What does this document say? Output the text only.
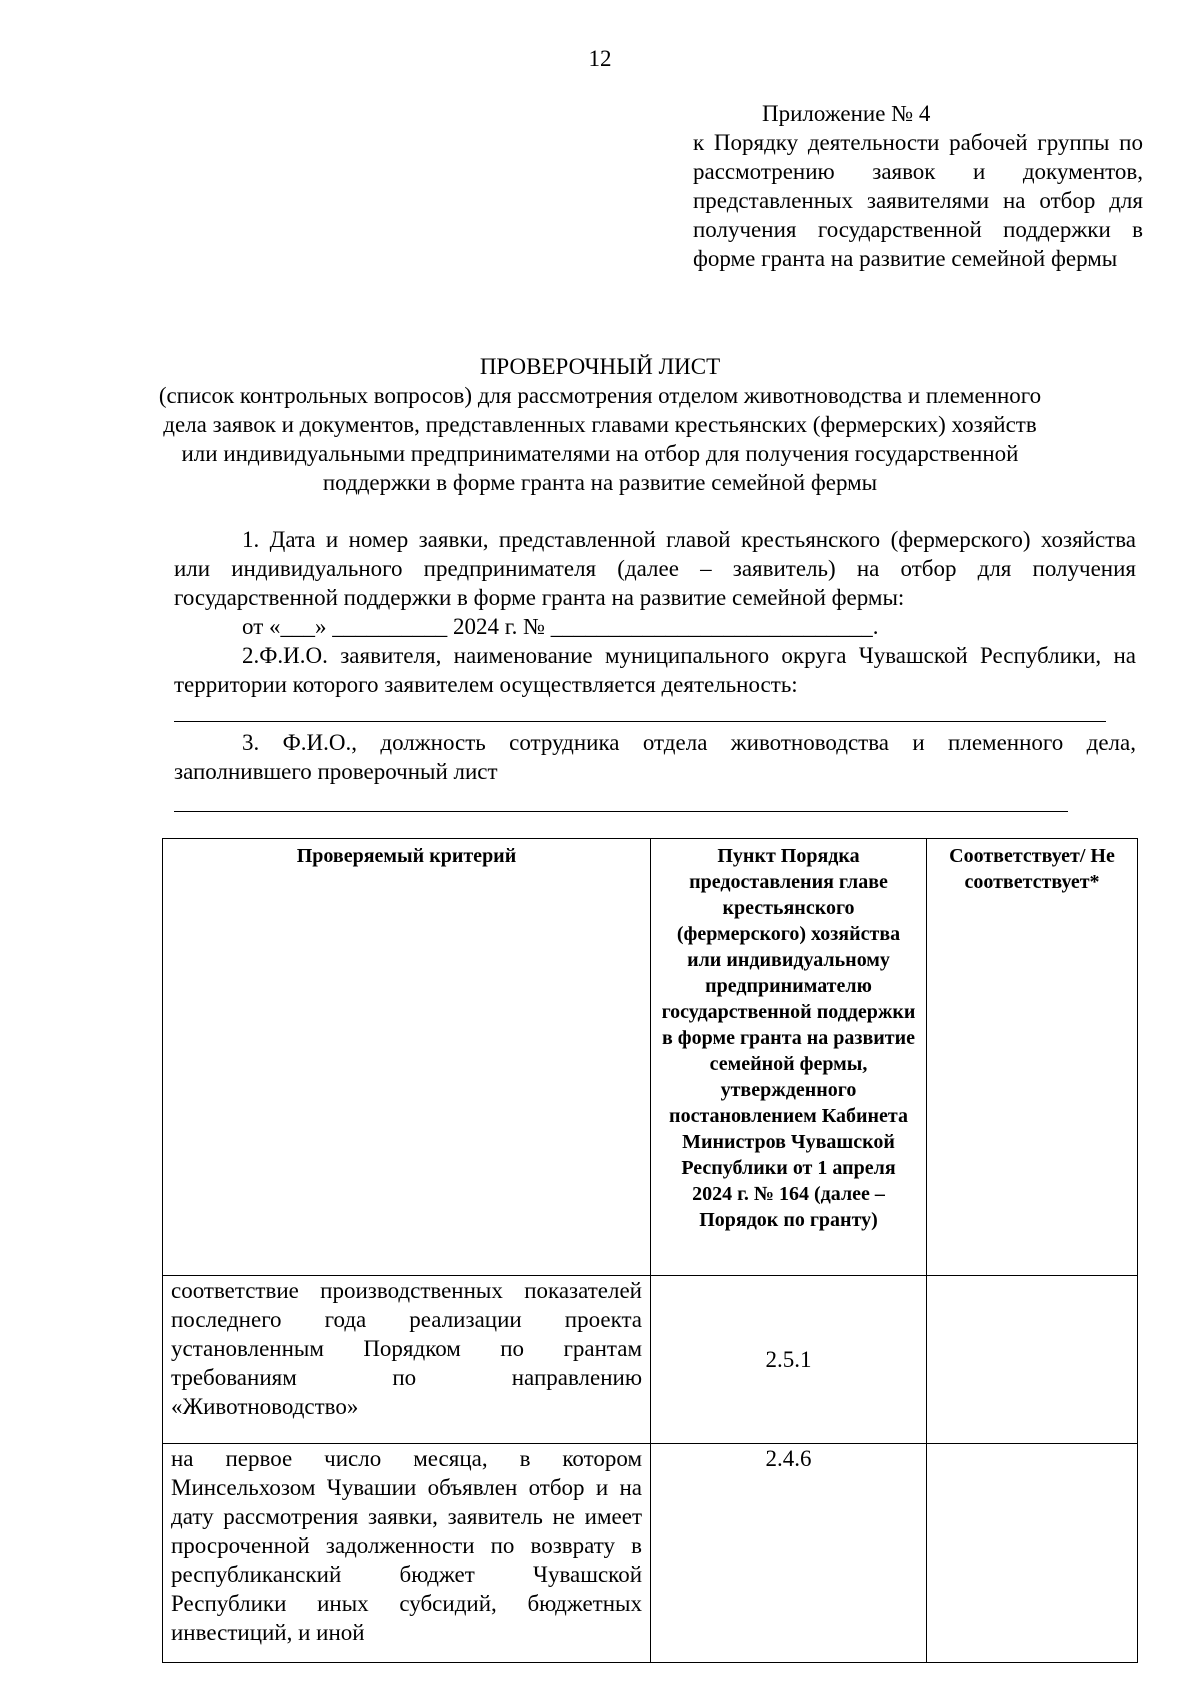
12
Приложение № 4
к Порядку деятельности рабочей группы по рассмотрению заявок и документов, представленных заявителями на отбор для получения государственной поддержки в форме гранта на развитие семейной фермы
ПРОВЕРОЧНЫЙ ЛИСТ
(список контрольных вопросов) для рассмотрения отделом животноводства и племенного дела заявок и документов, представленных главами крестьянских (фермерских) хозяйств или индивидуальными предпринимателями на отбор для получения государственной поддержки в форме гранта на развитие семейной фермы
1. Дата и номер заявки, представленной главой крестьянского (фермерского) хозяйства или индивидуального предпринимателя (далее – заявитель) на отбор для получения государственной поддержки в форме гранта на развитие семейной фермы:
от «___» __________ 2024 г. № ____________________________.
2.Ф.И.О. заявителя, наименование муниципального округа Чувашской Республики, на территории которого заявителем осуществляется деятельность:
3. Ф.И.О., должность сотрудника отдела животноводства и племенного дела, заполнившего проверочный лист
Проверяемый критерий	Пункт Порядка предоставления главе крестьянского (фермерского) хозяйства или индивидуальному предпринимателю государственной поддержки в форме гранта на развитие семейной фермы, утвержденного постановлением Кабинета Министров Чувашской Республики от 1 апреля 2024 г. № 164 (далее – Порядок по гранту)	Соответствует/ Не соответствует*

соответствие производственных показателей последнего года реализации проекта установленным Порядком по грантам требованиям по направлению «Животноводство»	2.5.1	

на первое число месяца, в котором Минсельхозом Чувашии объявлен отбор и на дату рассмотрения заявки, заявитель не имеет просроченной задолженности по возврату в республиканский бюджет Чувашской Республики иных субсидий, бюджетных инвестиций, и иной	2.4.6	
